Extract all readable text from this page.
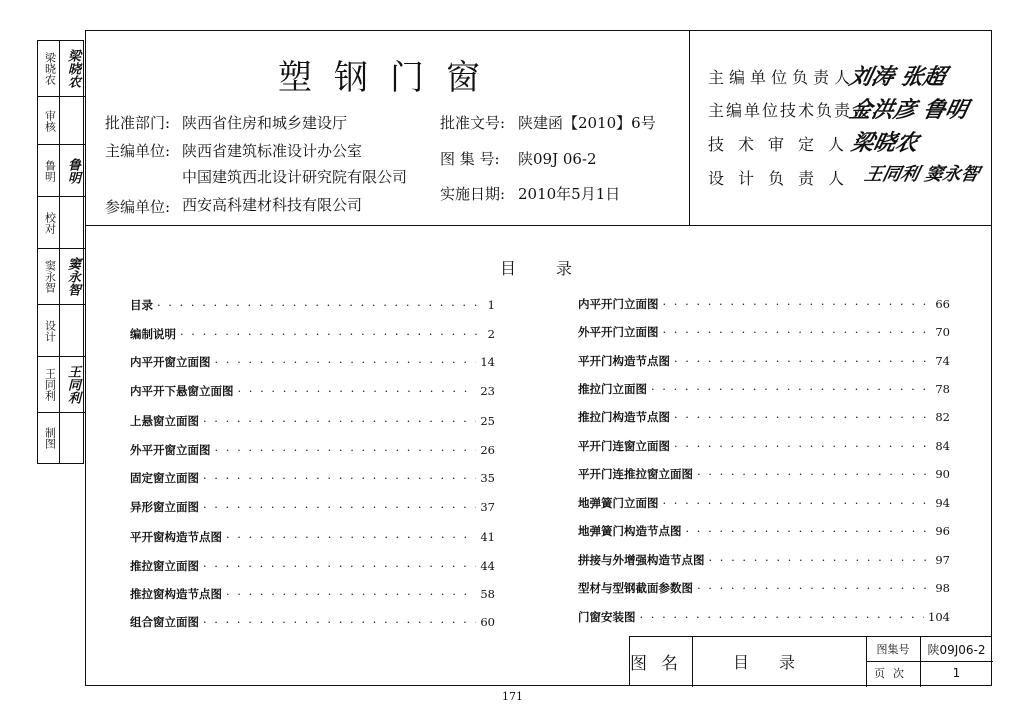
塑钢门窗
批准部门: 陕西省住房和城乡建设厅
主编单位: 陕西省建筑标准设计办公室
中国建筑西北设计研究院有限公司
参编单位: 西安高科建材科技有限公司
批准文号: 陕建函【2010】6号
图 集 号: 陕09J 06-2
实施日期: 2010年5月1日
主编单位负责人
刘涛 张超
主编单位技术负责人
金洪彦 鲁明
技术审定人
梁晓农
设计负责人 王同利 窦永智
梁晓农 梁晓农
审核
鲁明 鲁明
校对
窦永智 窦永智
设计
王同利 王同利
制图
目录
目录 · · ·	1
编制说明 · · ·	2
内平开窗立面图 · · ·	14
内平开下悬窗立面图 · · ·	23
上悬窗立面图 · · ·	25
外平开窗立面图 · · ·	26
固定窗立面图 · · ·	35
异形窗立面图 · · ·	37
平开窗构造节点图 · · ·	41
推拉窗立面图 · · ·	44
推拉窗构造节点图 · · ·	58
组合窗立面图 · · ·	60
内平开门立面图 · · ·	66
外平开门立面图 · · ·	70
平开门构造节点图 · · ·	74
推拉门立面图 · · ·	78
推拉门构造节点图 · · ·	82
平开门连窗立面图 · · ·	84
平开门连推拉窗立面图 · · ·	90
地弹簧门立面图 · · ·	94
地弹簧门构造节点图 · · ·	96
拼接与外增强构造节点图 · · ·	97
型材与型钢截面参数图 · · ·	98
门窗安装图 · · ·	104
图名	目录
图集号	陕09J06-2
页次	1
171
